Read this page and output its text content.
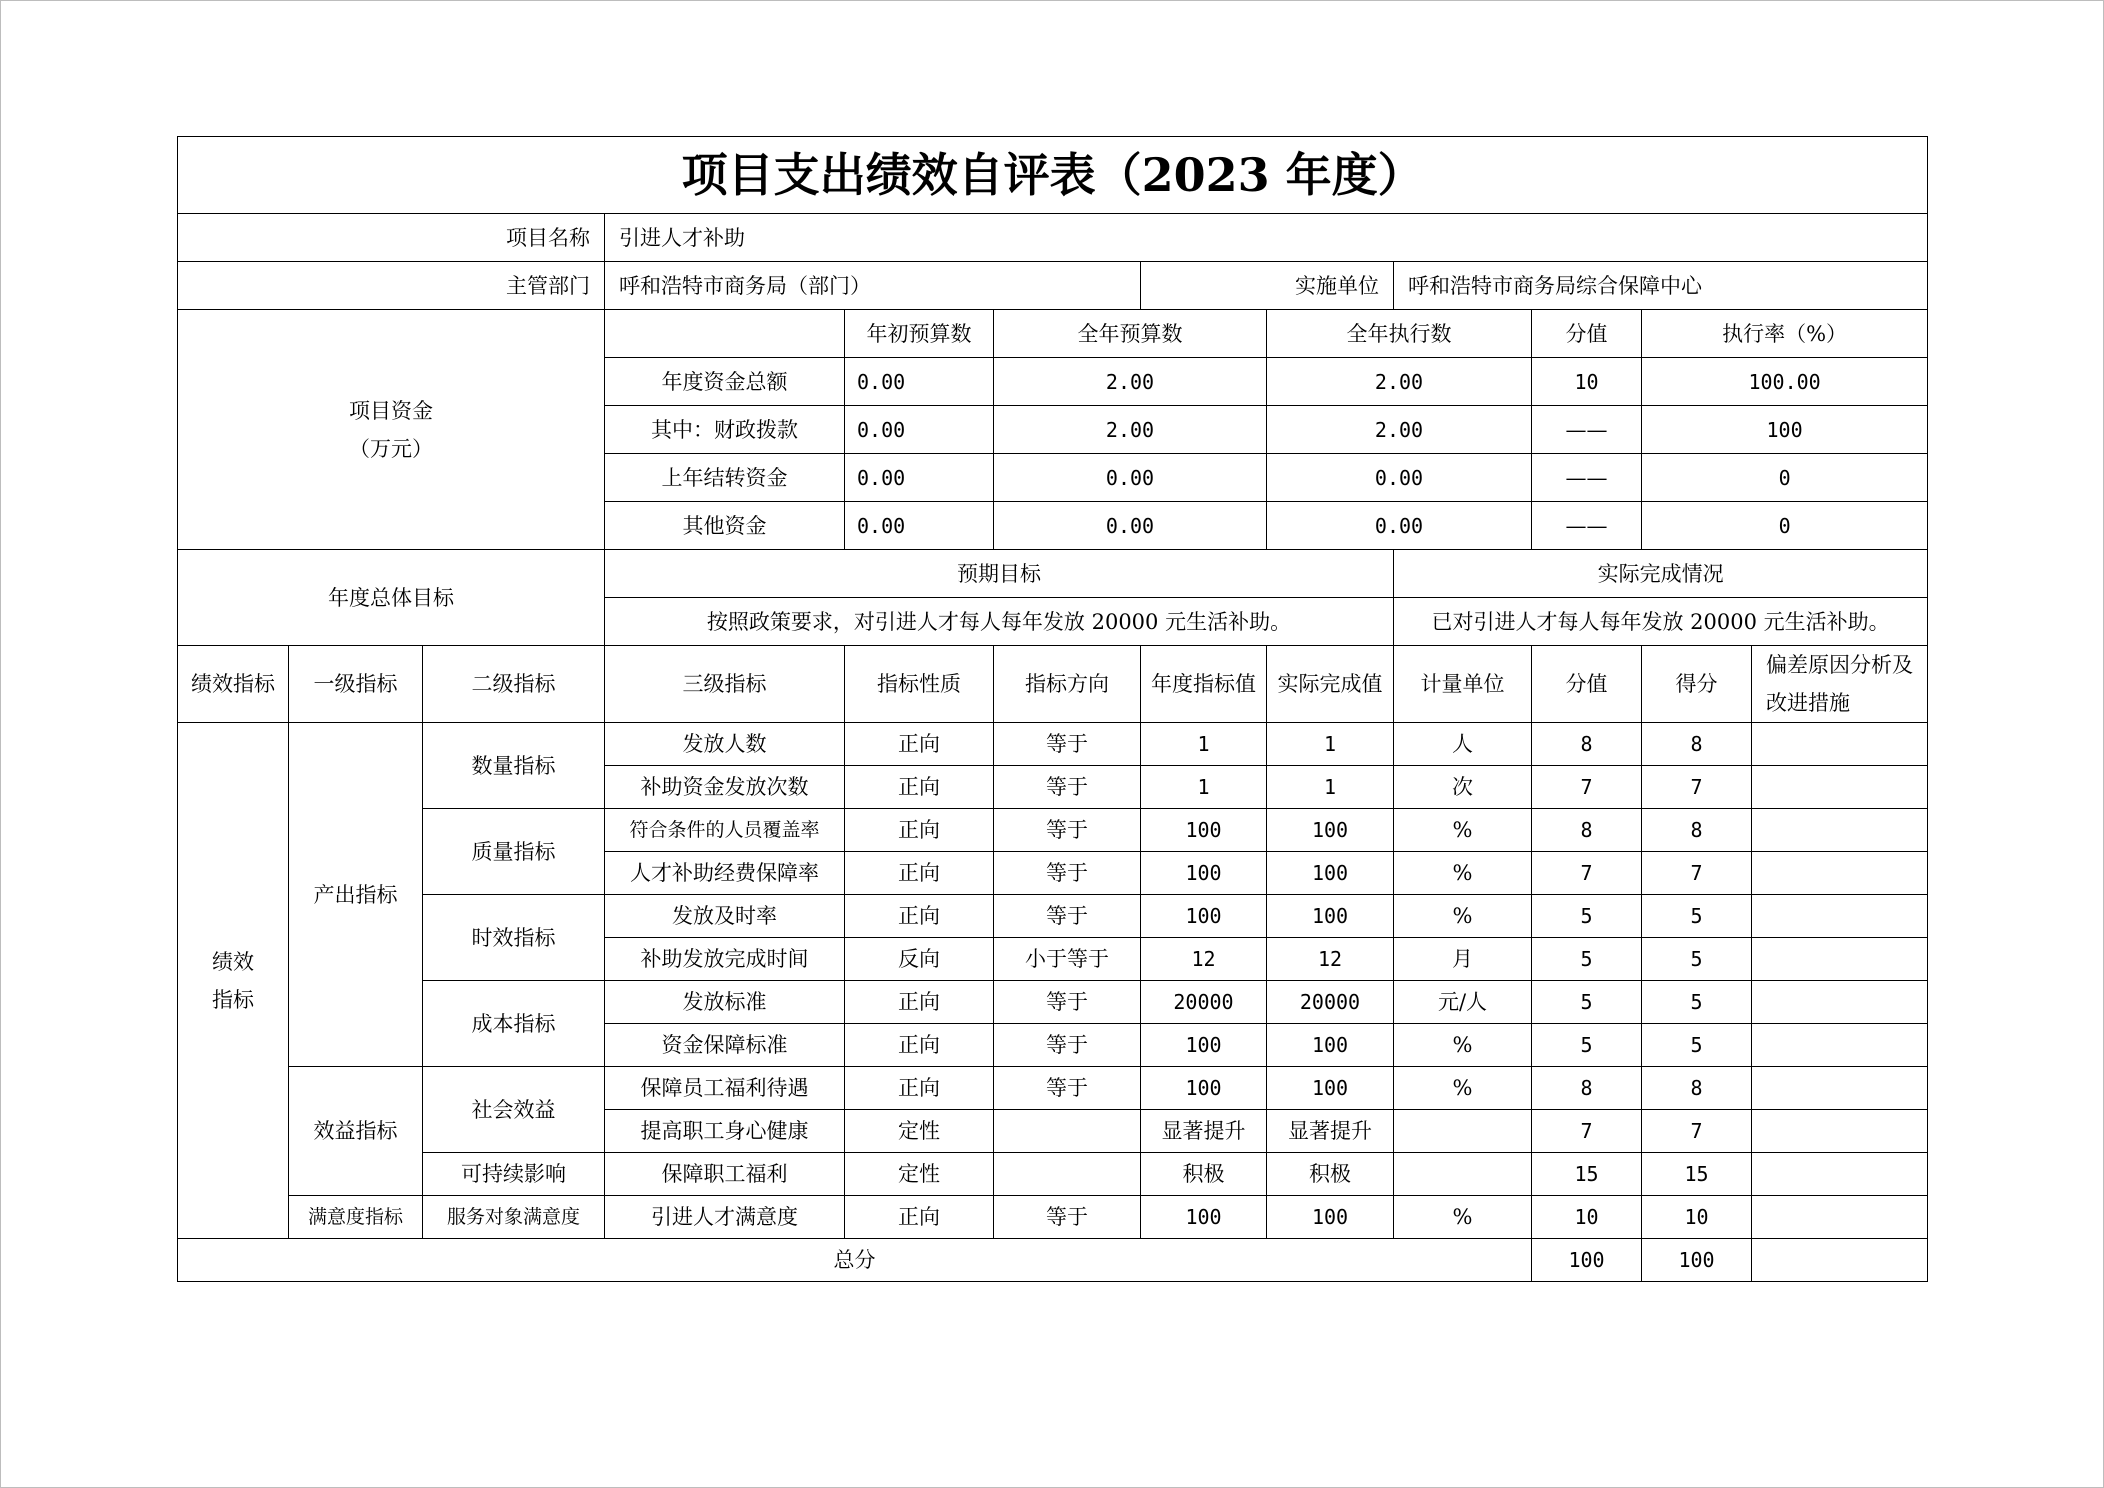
项目支出绩效自评表（2023 年度）												
项目名称			引进人才补助									
主管部门			呼和浩特市商务局（部门）			实施单位		呼和浩特市商务局综合保障中心				
项目资金
（万元）				年初预算数	全年预算数		全年执行数		分值	执行率（%）	
			年度资金总额	0.00	2.00		2.00		10	100.00	
			其中：财政拨款	0.00	2.00		2.00		——	100	
			上年结转资金	0.00	0.00		0.00		——	0	
			其他资金	0.00	0.00		0.00		——	0	
年度总体目标			预期目标					实际完成情况				
			按照政策要求，对引进人才每人每年发放 20000 元生活补助。					已对引进人才每人每年发放 20000 元生活补助。				
绩效指标	一级指标	二级指标	三级指标	指标性质	指标方向	年度指标值	实际完成值	计量单位	分值	得分	偏差原因分析及改进措施	
绩效指标	产出指标	数量指标	发放人数	正向	等于	1	1	人	8	8		
			补助资金发放次数	正向	等于	1	1	次	7	7		
		质量指标	符合条件的人员覆盖率	正向	等于	100	100	%	8	8		
			人才补助经费保障率	正向	等于	100	100	%	7	7		
		时效指标	发放及时率	正向	等于	100	100	%	5	5		
			补助发放完成时间	反向	小于等于	12	12	月	5	5		
		成本指标	发放标准	正向	等于	20000	20000	元/人	5	5		
			资金保障标准	正向	等于	100	100	%	5	5		
	效益指标	社会效益	保障员工福利待遇	正向	等于	100	100	%	8	8		
			提高职工身心健康	定性		显著提升	显著提升		7	7		
		可持续影响	保障职工福利	定性		积极	积极		15	15		
	满意度指标	服务对象满意度	引进人才满意度	正向	等于	100	100	%	10	10		
总分									100	100		
